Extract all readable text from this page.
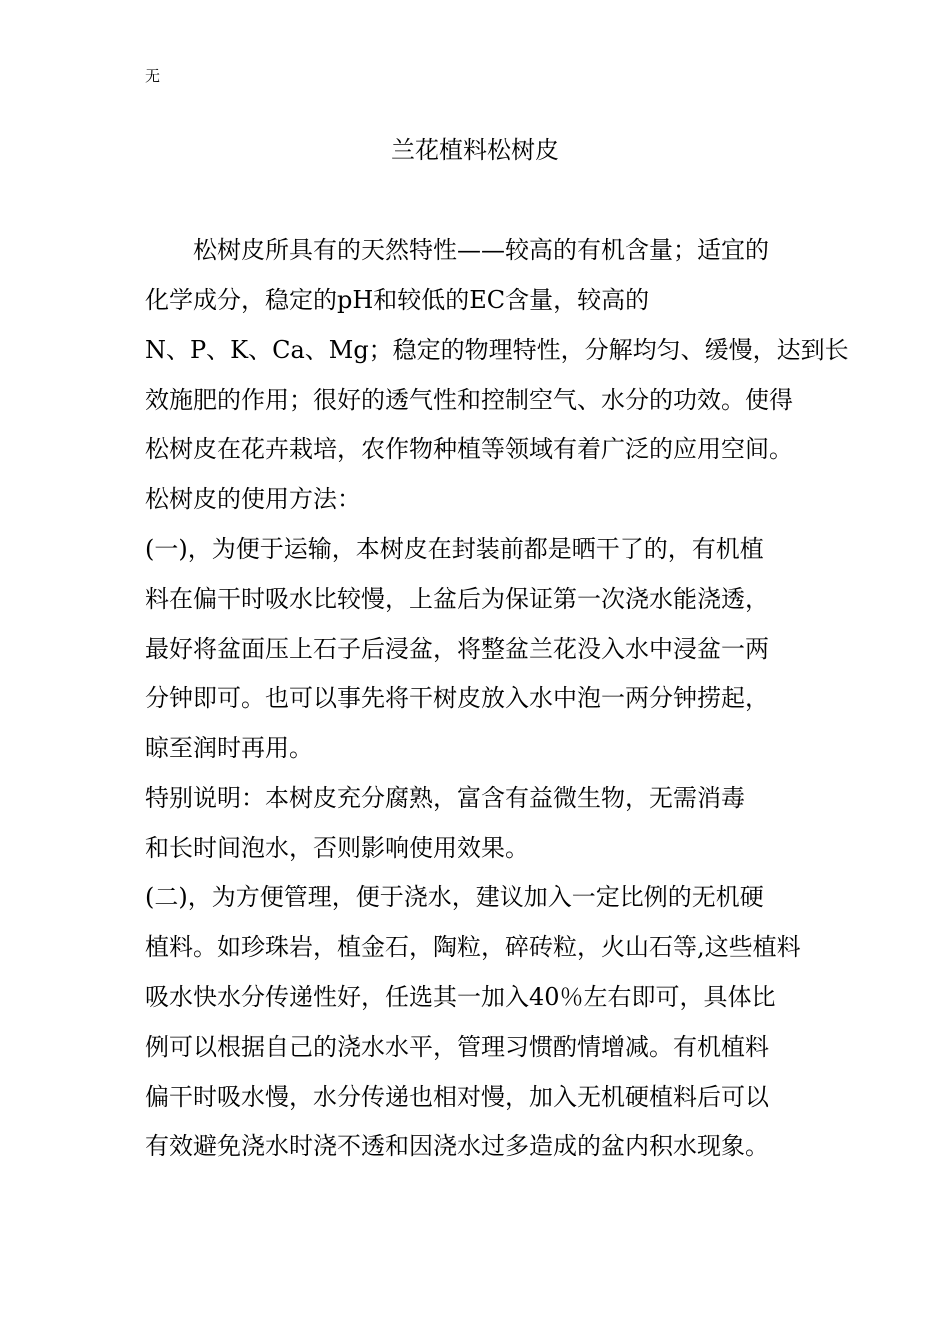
无
兰花植料松树皮
　　松树皮所具有的天然特性——较高的有机含量；适宜的
化学成分，稳定的pH和较低的EC含量，较高的
N、P、K、Ca、Mg；稳定的物理特性，分解均匀、缓慢，达到长
效施肥的作用；很好的透气性和控制空气、水分的功效。使得
松树皮在花卉栽培，农作物种植等领域有着广泛的应用空间。
松树皮的使用方法：
(一)，为便于运输，本树皮在封装前都是晒干了的，有机植
料在偏干时吸水比较慢，上盆后为保证第一次浇水能浇透，
最好将盆面压上石子后浸盆，将整盆兰花没入水中浸盆一两
分钟即可。也可以事先将干树皮放入水中泡一两分钟捞起，
晾至润时再用。
特别说明：本树皮充分腐熟，富含有益微生物，无需消毒
和长时间泡水，否则影响使用效果。
(二)，为方便管理，便于浇水，建议加入一定比例的无机硬
植料。如珍珠岩，植金石，陶粒，碎砖粒，火山石等,这些植料
吸水快水分传递性好，任选其一加入40％左右即可，具体比
例可以根据自己的浇水水平，管理习惯酌情增减。有机植料
偏干时吸水慢，水分传递也相对慢，加入无机硬植料后可以
有效避免浇水时浇不透和因浇水过多造成的盆内积水现象。
